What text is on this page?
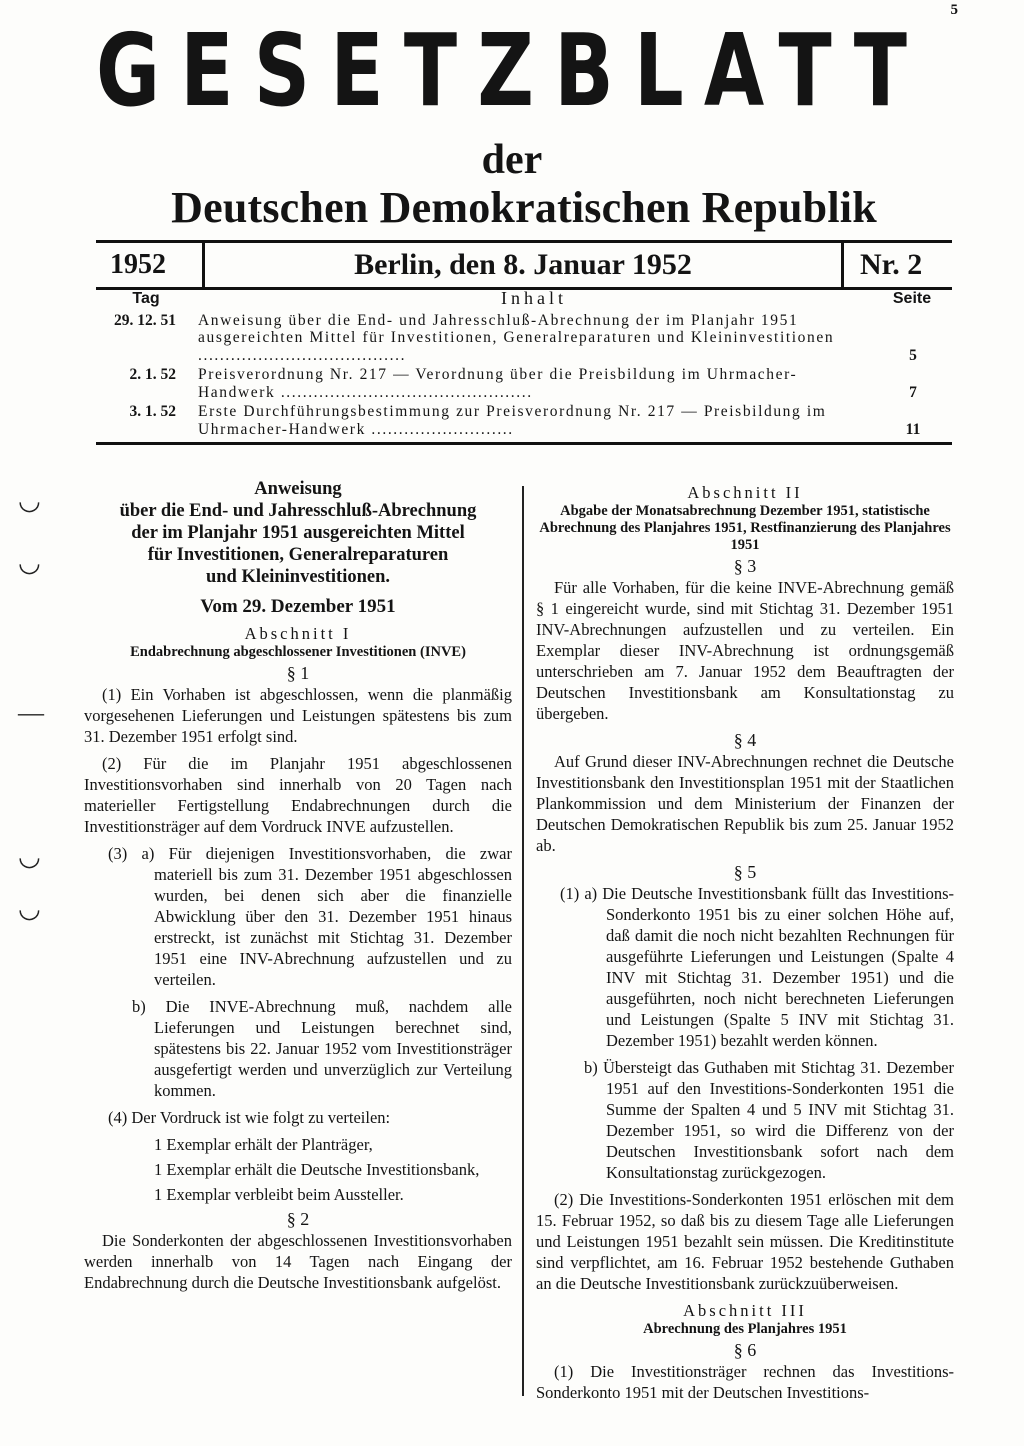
5
GESETZBLATT
der
Deutschen Demokratischen Republik
1952	Berlin, den 8. Januar 1952	Nr. 2
Tag	Inhalt	Seite
29. 12. 51	Anweisung über die End- und Jahresschluß-Abrechnung der im Planjahr 1951 ausgereichten Mittel für Investitionen, Generalreparaturen und Kleininvestitionen ......................................	5
2. 1. 52	Preisverordnung Nr. 217 — Verordnung über die Preisbildung im Uhrmacher-Handwerk ..............................................	7
3. 1. 52	Erste Durchführungsbestimmung zur Preisverordnung Nr. 217 — Preisbildung im Uhrmacher-Handwerk ..........................	11
◡
◡
—
◡
◡
Anweisung
über die End- und Jahresschluß-Abrechnung
der im Planjahr 1951 ausgereichten Mittel
für Investitionen, Generalreparaturen
und Kleininvestitionen.
Vom 29. Dezember 1951
Abschnitt I
Endabrechnung abgeschlossener Investitionen (INVE)
§ 1

(1) Ein Vorhaben ist abgeschlossen, wenn die planmäßig vorgesehenen Lieferungen und Leistungen spätestens bis zum 31. Dezember 1951 erfolgt sind.

(2) Für die im Planjahr 1951 abgeschlossenen Investitionsvorhaben sind innerhalb von 20 Tagen nach materieller Fertigstellung Endabrechnungen durch die Investitionsträger auf dem Vordruck INVE aufzustellen.

(3) a) Für diejenigen Investitionsvorhaben, die zwar materiell bis zum 31. Dezember 1951 abgeschlossen wurden, bei denen sich aber die finanzielle Abwicklung über den 31. Dezember 1951 hinaus erstreckt, ist zunächst mit Stichtag 31. Dezember 1951 eine INV-Abrechnung aufzustellen und zu verteilen.
b) Die INVE-Abrechnung muß, nachdem alle Lieferungen und Leistungen berechnet sind, spätestens bis 22. Januar 1952 vom Investitionsträger ausgefertigt werden und unverzüglich zur Verteilung kommen.
(4) Der Vordruck ist wie folgt zu verteilen:
1 Exemplar erhält der Planträger,
1 Exemplar erhält die Deutsche Investitionsbank,
1 Exemplar verbleibt beim Aussteller.
§ 2

Die Sonderkonten der abgeschlossenen Investitionsvorhaben werden innerhalb von 14 Tagen nach Eingang der Endabrechnung durch die Deutsche Investitionsbank aufgelöst.

Abschnitt II
Abgabe der Monatsabrechnung Dezember 1951, statistische Abrechnung des Planjahres 1951, Restfinanzierung des Planjahres 1951
§ 3

Für alle Vorhaben, für die keine INVE-Abrechnung gemäß § 1 eingereicht wurde, sind mit Stichtag 31. Dezember 1951 INV-Abrechnungen aufzustellen und zu verteilen. Ein Exemplar dieser INV-Abrechnung ist ordnungsgemäß unterschrieben am 7. Januar 1952 dem Beauftragten der Deutschen Investitionsbank am Konsultationstag zu übergeben.

§ 4

Auf Grund dieser INV-Abrechnungen rechnet die Deutsche Investitionsbank den Investitionsplan 1951 mit der Staatlichen Plankommission und dem Ministerium der Finanzen der Deutschen Demokratischen Republik bis zum 25. Januar 1952 ab.

§ 5
(1) a) Die Deutsche Investitionsbank füllt das Investitions-Sonderkonto 1951 bis zu einer solchen Höhe auf, daß damit die noch nicht bezahlten Rechnungen für ausgeführte Lieferungen und Leistungen (Spalte 4 INV mit Stichtag 31. Dezember 1951) und die ausgeführten, noch nicht berechneten Lieferungen und Leistungen (Spalte 5 INV mit Stichtag 31. Dezember 1951) bezahlt werden können.
b) Übersteigt das Guthaben mit Stichtag 31. Dezember 1951 auf den Investitions-Sonderkonten 1951 die Summe der Spalten 4 und 5 INV mit Stichtag 31. Dezember 1951, so wird die Differenz von der Deutschen Investitionsbank sofort nach dem Konsultationstag zurückgezogen.

(2) Die Investitions-Sonderkonten 1951 erlöschen mit dem 15. Februar 1952, so daß bis zu diesem Tage alle Lieferungen und Leistungen 1951 bezahlt sein müssen. Die Kreditinstitute sind verpflichtet, am 16. Februar 1952 bestehende Guthaben an die Deutsche Investitionsbank zurückzuüberweisen.

Abschnitt III
Abrechnung des Planjahres 1951
§ 6

(1) Die Investitionsträger rechnen das Investitions-Sonderkonto 1951 mit der Deutschen Investitions-
